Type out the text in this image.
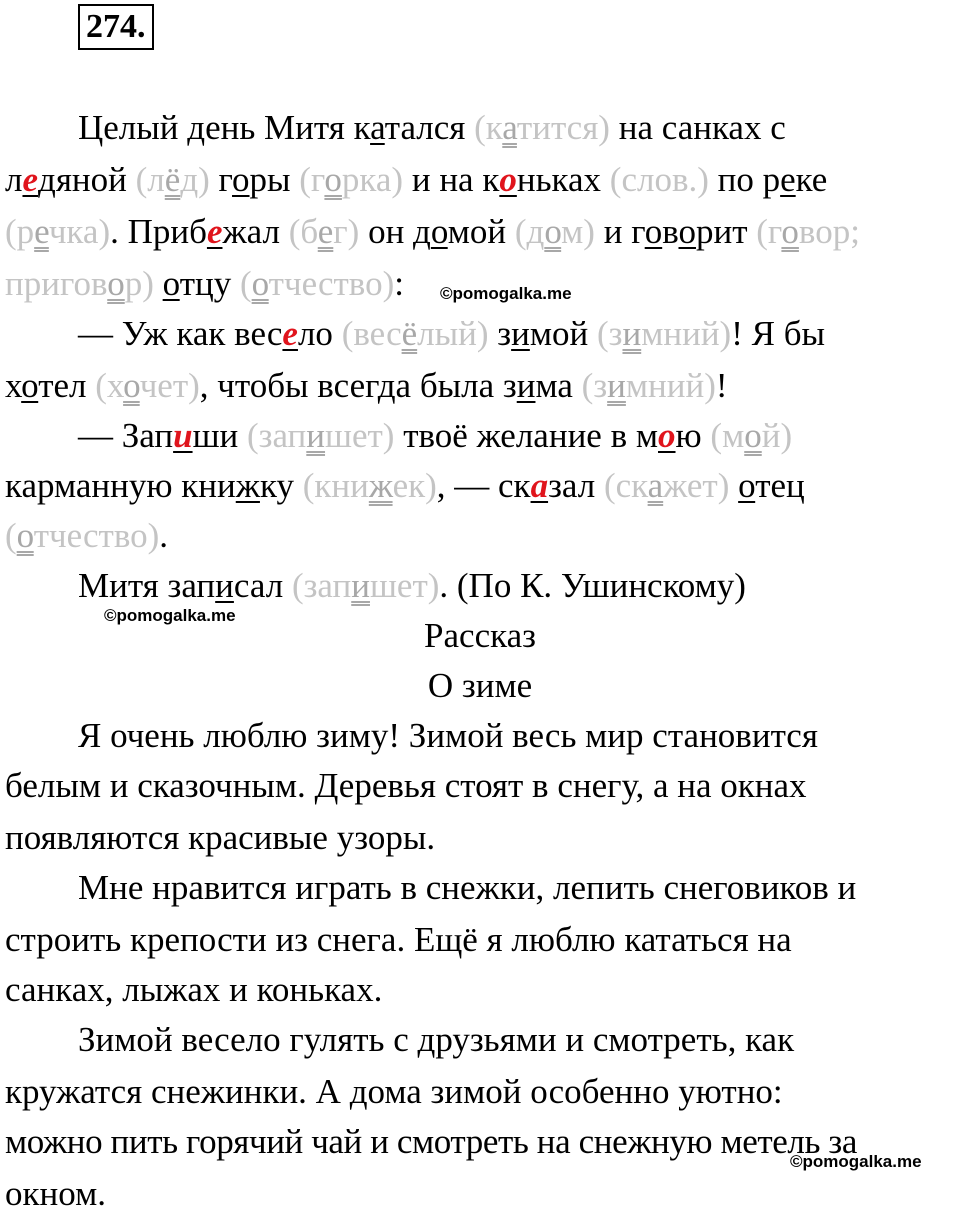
274.
Целый день Митя катался (катится) на санках с
ледяной (лёд) горы (горка) и на коньках (слов.) по реке
(речка). Прибежал (бег) он домой (дом) и говорит (говор;
приговор) отцу (отчество): ©pomogalka.me
— Уж как весело (весёлый) зимой (зимний)! Я бы
хотел (хочет), чтобы всегда была зима (зимний)!
— Запиши (запишет) твоё желание в мою (мой)
карманную книжку (книжек), — сказал (скажет) отец
(отчество).
Митя записал (запишет). (По К. Ушинскому)
©pomogalka.me
Рассказ
О зиме
Я очень люблю зиму! Зимой весь мир становится
белым и сказочным. Деревья стоят в снегу, а на окнах
появляются красивые узоры.
Мне нравится играть в снежки, лепить снеговиков и
строить крепости из снега. Ещё я люблю кататься на
санках, лыжах и коньках.
Зимой весело гулять с друзьями и смотреть, как
кружатся снежинки. А дома зимой особенно уютно:
можно пить горячий чай и смотреть на снежную метель за
окном.
©pomogalka.me
